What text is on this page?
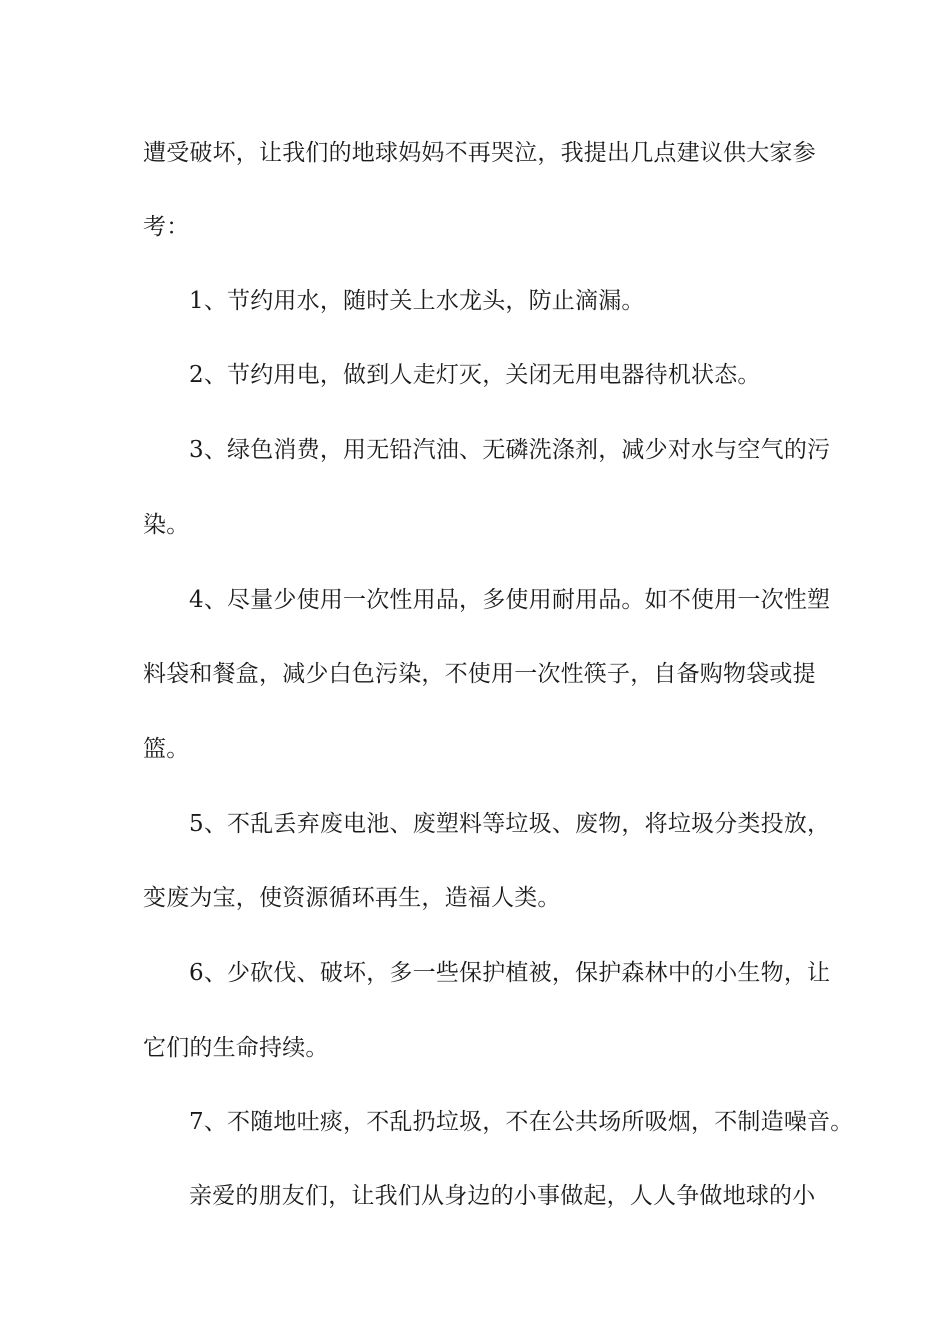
遭受破坏，让我们的地球妈妈不再哭泣，我提出几点建议供大家参

考：

1、节约用水，随时关上水龙头，防止滴漏。

2、节约用电，做到人走灯灭，关闭无用电器待机状态。

3、绿色消费，用无铅汽油、无磷洗涤剂，减少对水与空气的污

染。

4、尽量少使用一次性用品，多使用耐用品。如不使用一次性塑

料袋和餐盒，减少白色污染，不使用一次性筷子，自备购物袋或提

篮。

5、不乱丢弃废电池、废塑料等垃圾、废物，将垃圾分类投放，

变废为宝，使资源循环再生，造福人类。

6、少砍伐、破坏，多一些保护植被，保护森林中的小生物，让

它们的生命持续。

7、不随地吐痰，不乱扔垃圾，不在公共场所吸烟，不制造噪音。

亲爱的朋友们，让我们从身边的小事做起，人人争做地球的小
